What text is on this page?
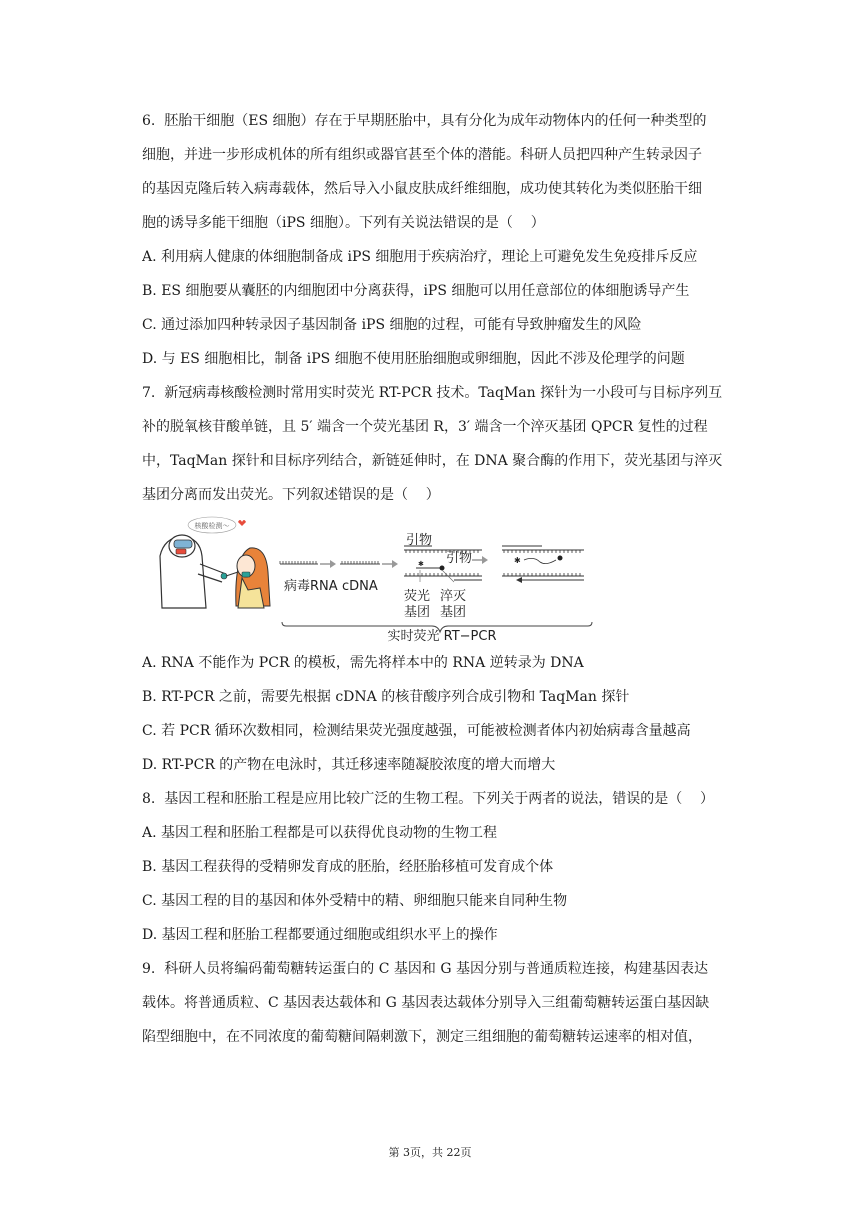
6.  胚胎干细胞（ES 细胞）存在于早期胚胎中，具有分化为成年动物体内的任何一种类型的
细胞，并进一步形成机体的所有组织或器官甚至个体的潜能。科研人员把四种产生转录因子
的基因克隆后转入病毒载体，然后导入小鼠皮肤成纤维细胞，成功使其转化为类似胚胎干细
胞的诱导多能干细胞（iPS 细胞）。下列有关说法错误的是（    ）
A. 利用病人健康的体细胞制备成 iPS 细胞用于疾病治疗，理论上可避免发生免疫排斥反应
B. ES 细胞要从囊胚的内细胞团中分离获得，iPS 细胞可以用任意部位的体细胞诱导产生
C. 通过添加四种转录因子基因制备 iPS 细胞的过程，可能有导致肿瘤发生的风险
D. 与 ES 细胞相比，制备 iPS 细胞不使用胚胎细胞或卵细胞，因此不涉及伦理学的问题
7.  新冠病毒核酸检测时常用实时荧光 RT-PCR 技术。TaqMan 探针为一小段可与目标序列互
补的脱氧核苷酸单链，且 5′ 端含一个荧光基团 R，3′ 端含一个淬灭基团 QPCR 复性的过程
中，TaqMan 探针和目标序列结合，新链延伸时，在 DNA 聚合酶的作用下，荧光基团与淬灭
基团分离而发出荧光。下列叙述错误的是（    ）
核酸检测～
引物
✱ 引物
荧光
基团
淬灭
基团
✱
实时荧光 RT−PCR
病毒RNA cDNA
A. RNA 不能作为 PCR 的模板，需先将样本中的 RNA 逆转录为 DNA
B. RT-PCR 之前，需要先根据 cDNA 的核苷酸序列合成引物和 TaqMan 探针
C. 若 PCR 循环次数相同，检测结果荧光强度越强，可能被检测者体内初始病毒含量越高
D. RT-PCR 的产物在电泳时，其迁移速率随凝胶浓度的增大而增大
8.  基因工程和胚胎工程是应用比较广泛的生物工程。下列关于两者的说法，错误的是（    ）
A. 基因工程和胚胎工程都是可以获得优良动物的生物工程
B. 基因工程获得的受精卵发育成的胚胎，经胚胎移植可发育成个体
C. 基因工程的目的基因和体外受精中的精、卵细胞只能来自同种生物
D. 基因工程和胚胎工程都要通过细胞或组织水平上的操作
9.  科研人员将编码葡萄糖转运蛋白的 C 基因和 G 基因分别与普通质粒连接，构建基因表达
载体。将普通质粒、C 基因表达载体和 G 基因表达载体分别导入三组葡萄糖转运蛋白基因缺
陷型细胞中，在不同浓度的葡萄糖间隔刺激下，测定三组细胞的葡萄糖转运速率的相对值，
第 3页，共 22页
